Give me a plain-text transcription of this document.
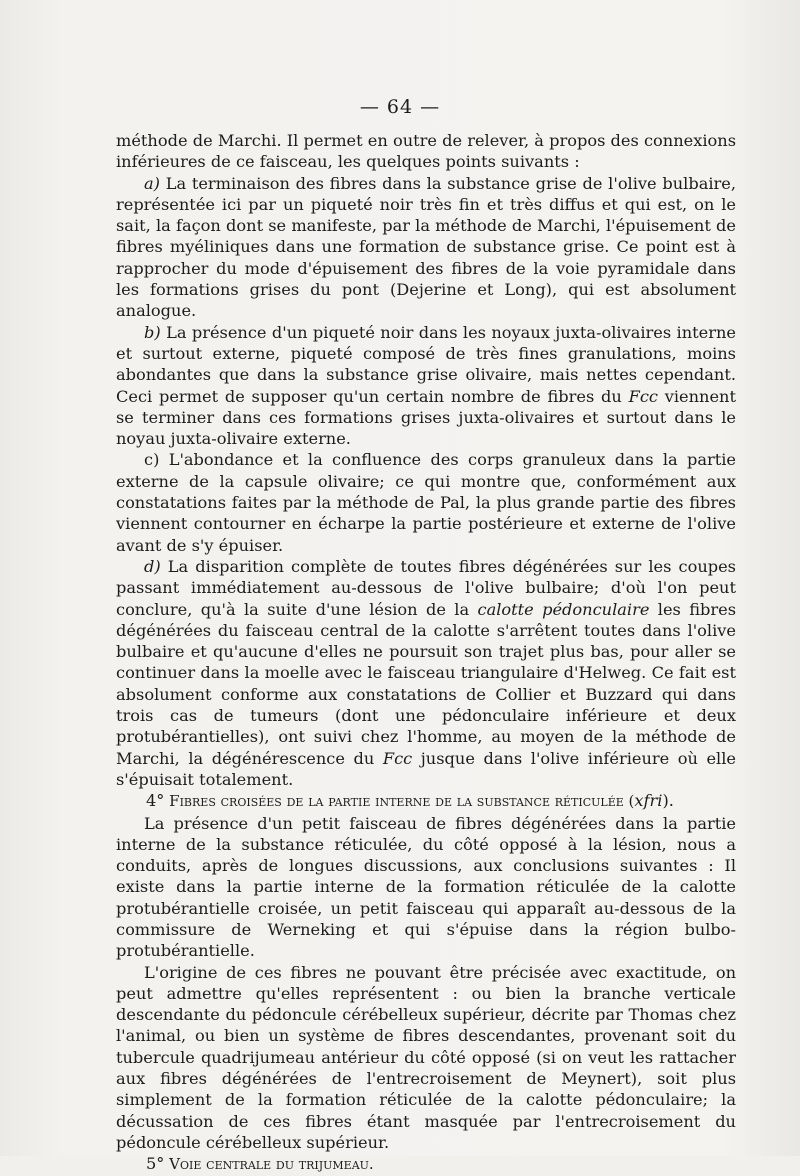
— 64 —

méthode de Marchi. Il permet en outre de relever, à propos des connexions inférieures de ce faisceau, les quelques points suivants :

a) La terminaison des fibres dans la substance grise de l'olive bulbaire, représentée ici par un piqueté noir très fin et très diffus et qui est, on le sait, la façon dont se manifeste, par la méthode de Marchi, l'épuisement de fibres myéliniques dans une formation de substance grise. Ce point est à rapprocher du mode d'épuisement des fibres de la voie pyramidale dans les formations grises du pont (Dejerine et Long), qui est absolument analogue.

b) La présence d'un piqueté noir dans les noyaux juxta-olivaires interne et surtout externe, piqueté composé de très fines granulations, moins abondantes que dans la substance grise olivaire, mais nettes cependant. Ceci permet de supposer qu'un certain nombre de fibres du Fcc viennent se terminer dans ces formations grises juxta-olivaires et surtout dans le noyau juxta-olivaire externe.

c) L'abondance et la confluence des corps granuleux dans la partie externe de la capsule olivaire; ce qui montre que, conformément aux constatations faites par la méthode de Pal, la plus grande partie des fibres viennent contourner en écharpe la partie postérieure et externe de l'olive avant de s'y épuiser.

d) La disparition complète de toutes fibres dégénérées sur les coupes passant immédiatement au-dessous de l'olive bulbaire; d'où l'on peut conclure, qu'à la suite d'une lésion de la calotte pédonculaire les fibres dégénérées du faisceau central de la calotte s'arrêtent toutes dans l'olive bulbaire et qu'aucune d'elles ne poursuit son trajet plus bas, pour aller se continuer dans la moelle avec le faisceau triangulaire d'Helweg. Ce fait est absolument conforme aux constatations de Collier et Buzzard qui dans trois cas de tumeurs (dont une pédonculaire inférieure et deux protubérantielles), ont suivi chez l'homme, au moyen de la méthode de Marchi, la dégénérescence du Fcc jusque dans l'olive inférieure où elle s'épuisait totalement.

4° Fibres croisées de la partie interne de la substance réticulée (xfri).

La présence d'un petit faisceau de fibres dégénérées dans la partie interne de la substance réticulée, du côté opposé à la lésion, nous a conduits, après de longues discussions, aux conclusions suivantes : Il existe dans la partie interne de la formation réticulée de la calotte protubérantielle croisée, un petit faisceau qui apparaît au-dessous de la commissure de Werneking et qui s'épuise dans la région bulbo-protubérantielle.

L'origine de ces fibres ne pouvant être précisée avec exactitude, on peut admettre qu'elles représentent : ou bien la branche verticale descendante du pédoncule cérébelleux supérieur, décrite par Thomas chez l'animal, ou bien un système de fibres descendantes, provenant soit du tubercule quadrijumeau antérieur du côté opposé (si on veut les rattacher aux fibres dégénérées de l'entrecroisement de Meynert), soit plus simplement de la formation réticulée de la calotte pédonculaire; la décussation de ces fibres étant masquée par l'entrecroisement du pédoncule cérébelleux supérieur.

5° Voie centrale du trijumeau.
